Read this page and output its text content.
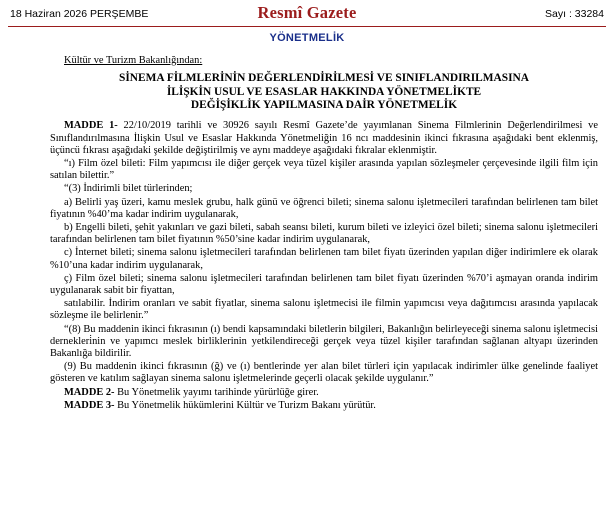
18 Haziran 2026 PERŞEMBE	Resmî Gazete	Sayı : 33284
YÖNETMELİK
Kültür ve Turizm Bakanlığından:
SİNEMA FİLMLERİNİN DEĞERLENDİRİLMESİ VE SINIFLANDIRILMASINA
İLİŞKİN USUL VE ESASLAR HAKKINDA YÖNETMELİKTE
DEĞİŞİKLİK YAPILMASINA DAİR YÖNETMELİK
MADDE 1- 22/10/2019 tarihli ve 30926 sayılı Resmî Gazete’de yayımlanan Sinema Filmlerinin Değerlendirilmesi ve Sınıflandırılmasına İlişkin Usul ve Esaslar Hakkında Yönetmeliğin 16 ncı maddesinin ikinci fıkrasına aşağıdaki bent eklenmiş, üçüncü fıkrası aşağıdaki şekilde değiştirilmiş ve aynı maddeye aşağıdaki fıkralar eklenmiştir.
“ı) Film özel bileti: Film yapımcısı ile diğer gerçek veya tüzel kişiler arasında yapılan sözleşmeler çerçevesinde ilgili film için satılan bilettir.”
“(3) İndirimli bilet türlerinden;
a) Belirli yaş üzeri, kamu meslek grubu, halk günü ve öğrenci bileti; sinema salonu işletmecileri tarafından belirlenen tam bilet fiyatının %40’ma kadar indirim uygulanarak,
b) Engelli bileti, şehit yakınları ve gazi bileti, sabah seansı bileti, kurum bileti ve izleyici özel bileti; sinema salonu işletmecileri tarafından belirlenen tam bilet fiyatının %50’sine kadar indirim uygulanarak,
c) İnternet bileti; sinema salonu işletmecileri tarafından belirlenen tam bilet fiyatı üzerinden yapılan diğer indirimlere ek olarak %10’una kadar indirim uygulanarak,
ç) Film özel bileti; sinema salonu işletmecileri tarafından belirlenen tam bilet fiyatı üzerinden %70’i aşmayan oranda indirim uygulanarak sabit bir fiyattan,
satılabilir. İndirim oranları ve sabit fiyatlar, sinema salonu işletmecisi ile filmin yapımcısı veya dağıtımcısı arasında yapılacak sözleşme ile belirlenir.”
“(8) Bu maddenin ikinci fıkrasının (ı) bendi kapsamındaki biletlerin bilgileri, Bakanlığın belirleyeceği sinema salonu işletmecisi dernekleri̇nin ve yapımcı meslek birliklerinin yetkilendireceği gerçek veya tüzel kişiler tarafından sağlanan altyapı üzerinden Bakanlığa bildirilir.
(9) Bu maddenin ikinci fıkrasının (ğ) ve (ı) bentlerinde yer alan bilet türleri için yapılacak indirimler ülke genelinde faaliyet gösteren ve katılım sağlayan sinema salonu işletmelerinde geçerli olacak şekilde uygulanır.”
MADDE 2- Bu Yönetmelik yayımı tarihinde yürürlüğe girer.
MADDE 3- Bu Yönetmelik hükümlerini Kültür ve Turizm Bakanı yürütür.
